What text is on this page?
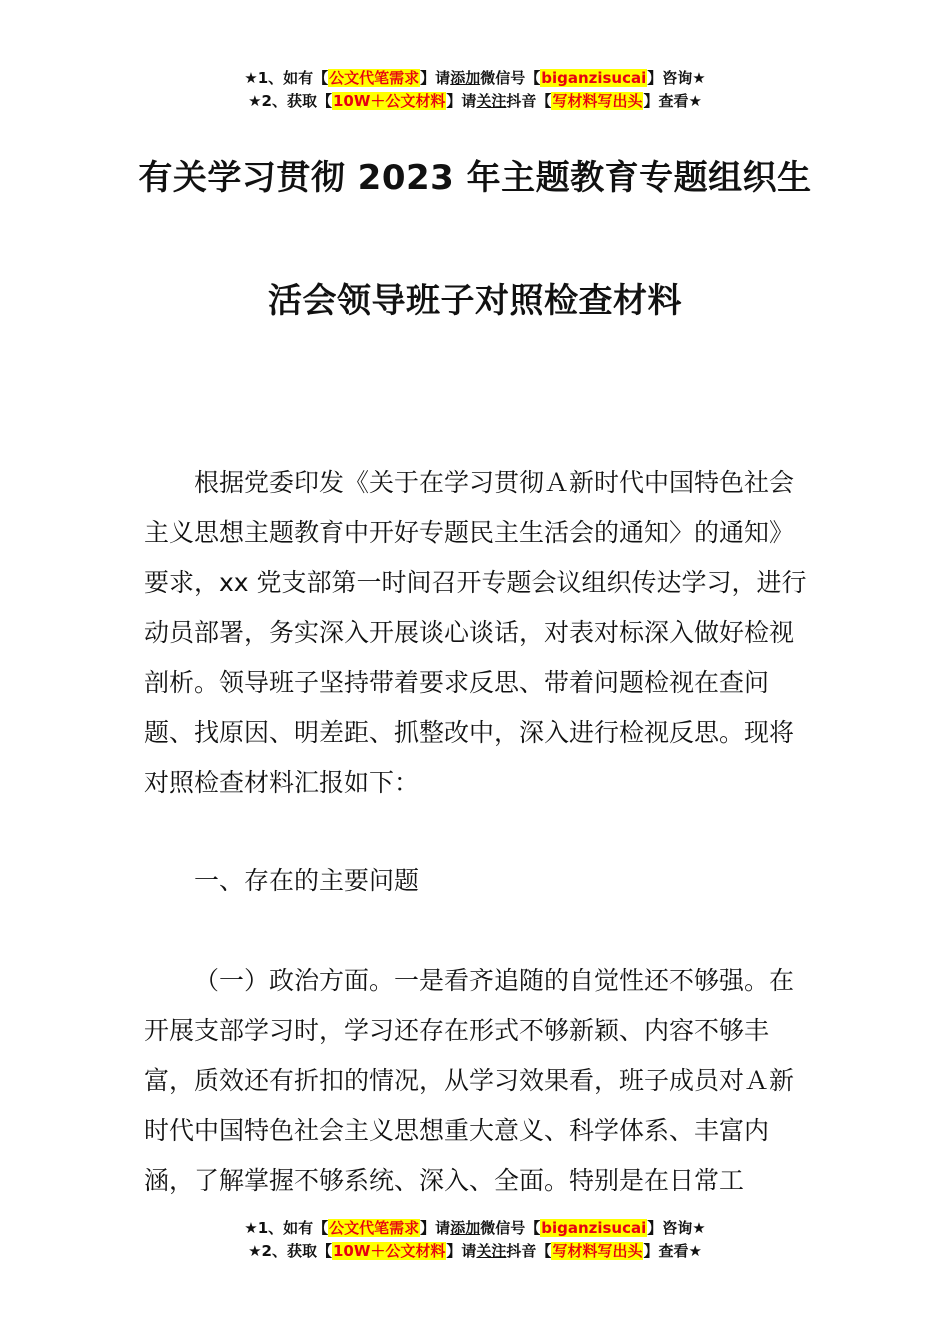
★1、如有【公文代笔需求】请添加微信号【biganzisucai】咨询★
★2、获取【10W＋公文材料】请关注抖音【写材料写出头】查看★
有关学习贯彻 2023 年主题教育专题组织生
活会领导班子对照检查材料

根据党委印发《关于在学习贯彻Ａ新时代中国特色社会主义思想主题教育中开好专题民主生活会的通知〉的通知》要求，xx 党支部第一时间召开专题会议组织传达学习，进行动员部署，务实深入开展谈心谈话，对表对标深入做好检视剖析。领导班子坚持带着要求反思、带着问题检视在查问题、找原因、明差距、抓整改中，深入进行检视反思。现将对照检查材料汇报如下：

一、存在的主要问题

（一）政治方面。一是看齐追随的自觉性还不够强。在开展支部学习时，学习还存在形式不够新颖、内容不够丰富，质效还有折扣的情况，从学习效果看，班子成员对Ａ新时代中国特色社会主义思想重大意义、科学体系、丰富内涵，了解掌握不够系统、深入、全面。特别是在日常工

★1、如有【公文代笔需求】请添加微信号【biganzisucai】咨询★
★2、获取【10W＋公文材料】请关注抖音【写材料写出头】查看★
